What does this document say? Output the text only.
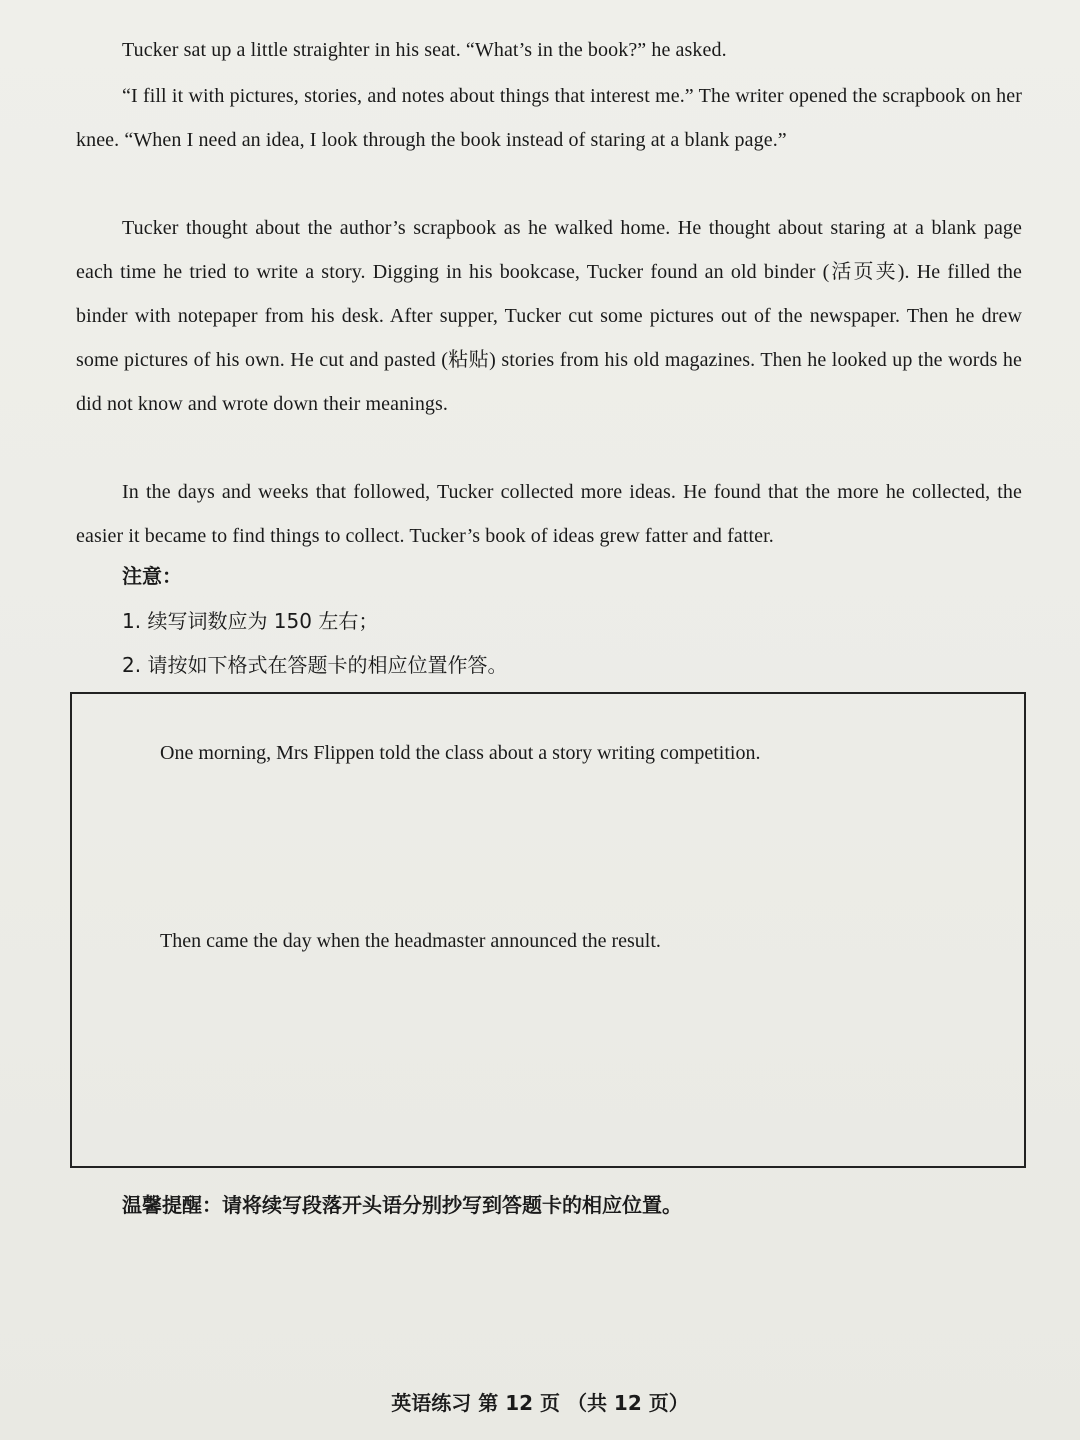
Tucker sat up a little straighter in his seat. “What’s in the book?” he asked.
“I fill it with pictures, stories, and notes about things that interest me.” The writer opened the scrapbook on her knee. “When I need an idea, I look through the book instead of staring at a blank page.”
Tucker thought about the author’s scrapbook as he walked home. He thought about staring at a blank page each time he tried to write a story. Digging in his bookcase, Tucker found an old binder (活页夹). He filled the binder with notepaper from his desk. After supper, Tucker cut some pictures out of the newspaper. Then he drew some pictures of his own. He cut and pasted (粘贴) stories from his old magazines. Then he looked up the words he did not know and wrote down their meanings.
In the days and weeks that followed, Tucker collected more ideas. He found that the more he collected, the easier it became to find things to collect. Tucker’s book of ideas grew fatter and fatter.
注意：
1. 续写词数应为 150 左右；
2. 请按如下格式在答题卡的相应位置作答。
One morning, Mrs Flippen told the class about a story writing competition.
Then came the day when the headmaster announced the result.
温馨提醒：请将续写段落开头语分别抄写到答题卡的相应位置。
英语练习 第 12 页 （共 12 页）
